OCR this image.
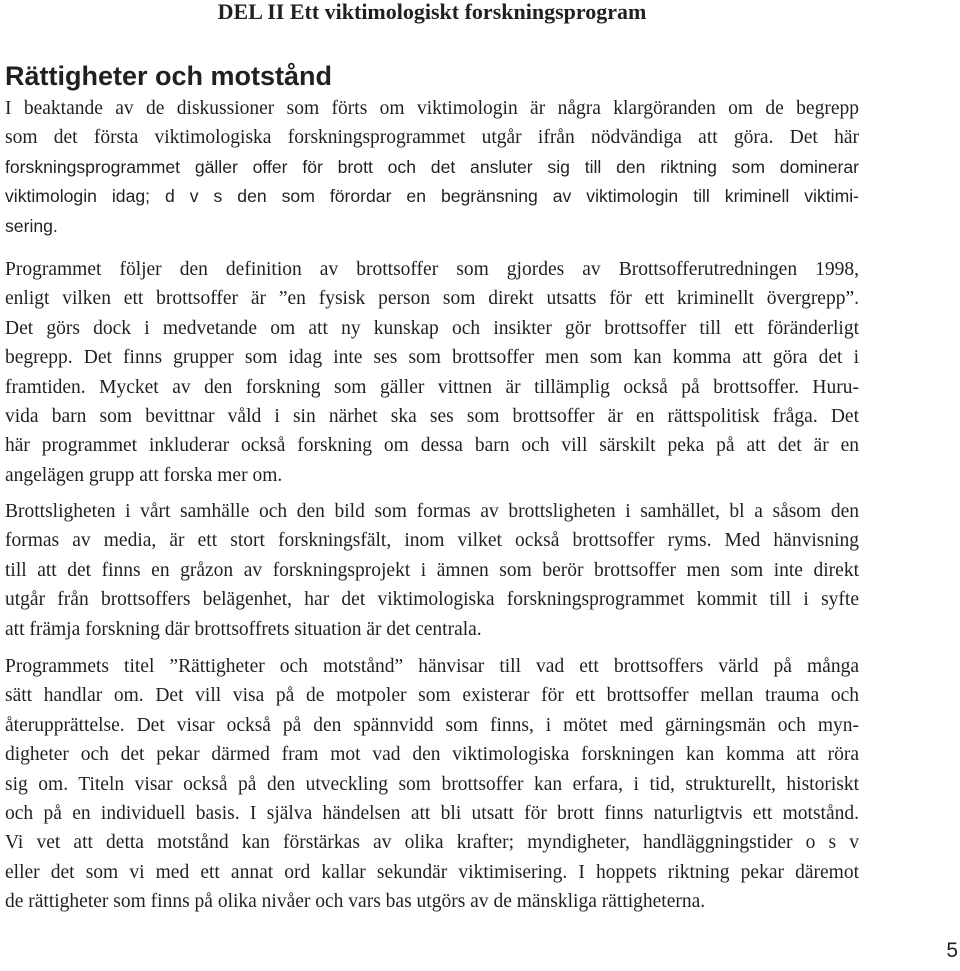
DEL II Ett viktimologiskt forskningsprogram
Rättigheter och motstånd

I beaktande av de diskussioner som förts om viktimologin är några klargöranden om de begrepp
som det första viktimologiska forskningsprogrammet utgår ifrån nödvändiga att göra. Det här

forskningsprogrammet gäller offer för brott och det ansluter sig till den riktning som dominerar
viktimologin idag; d v s den som förordar en begränsning av viktimologin till kriminell viktimi-
sering.

Programmet följer den definition av brottsoffer som gjordes av Brottsofferutredningen 1998,
enligt vilken ett brottsoffer är ”en fysisk person som direkt utsatts för ett kriminellt övergrepp”.
Det görs dock i medvetande om att ny kunskap och insikter gör brottsoffer till ett föränderligt
begrepp. Det finns grupper som idag inte ses som brottsoffer men som kan komma att göra det i
framtiden. Mycket av den forskning som gäller vittnen är tillämplig också på brottsoffer. Huru-
vida barn som bevittnar våld i sin närhet ska ses som brottsoffer är en rättspolitisk fråga. Det
här programmet inkluderar också forskning om dessa barn och vill särskilt peka på att det är en
angelägen grupp att forska mer om.

Brottsligheten i vårt samhälle och den bild som formas av brottsligheten i samhället, bl a såsom den
formas av media, är ett stort forskningsfält, inom vilket också brottsoffer ryms. Med hänvisning
till att det finns en gråzon av forskningsprojekt i ämnen som berör brottsoffer men som inte direkt
utgår från brottsoffers belägenhet, har det viktimologiska forskningsprogrammet kommit till i syfte
att främja forskning där brottsoffrets situation är det centrala.

Programmets titel ”Rättigheter och motstånd” hänvisar till vad ett brottsoffers värld på många
sätt handlar om. Det vill visa på de motpoler som existerar för ett brottsoffer mellan trauma och
återupprättelse. Det visar också på den spännvidd som finns, i mötet med gärningsmän och myn-
digheter och det pekar därmed fram mot vad den viktimologiska forskningen kan komma att röra
sig om. Titeln visar också på den utveckling som brottsoffer kan erfara, i tid, strukturellt, historiskt
och på en individuell basis. I själva händelsen att bli utsatt för brott finns naturligtvis ett motstånd.
Vi vet att detta motstånd kan förstärkas av olika krafter; myndigheter, handläggningstider o s v
eller det som vi med ett annat ord kallar sekundär viktimisering. I hoppets riktning pekar däremot
de rättigheter som finns på olika nivåer och vars bas utgörs av de mänskliga rättigheterna.

5
